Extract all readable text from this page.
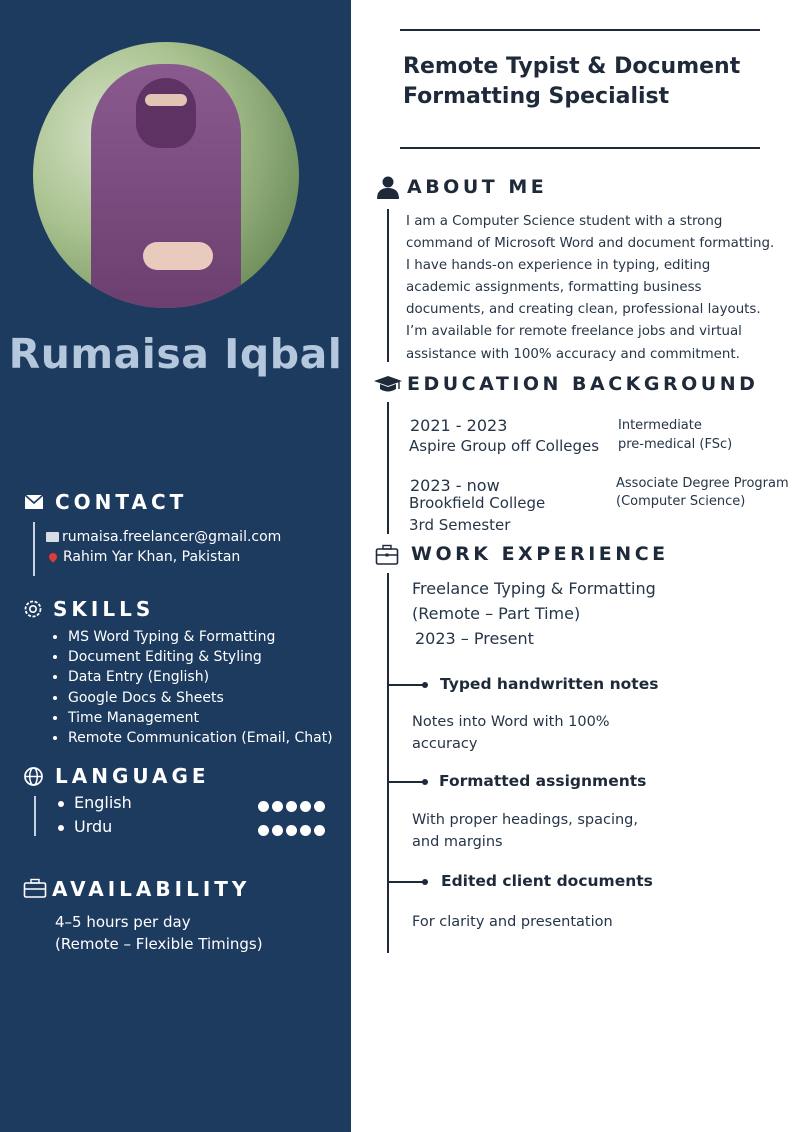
Rumaisa Iqbal
CONTACT
rumaisa.freelancer@gmail.com
Rahim Yar Khan, Pakistan
SKILLS
• MS Word Typing & Formatting
• Document Editing & Styling
• Data Entry (English)
• Google Docs & Sheets
• Time Management
• Remote Communication (Email, Chat)
LANGUAGE
English
Urdu
AVAILABILITY
4–5 hours per day
(Remote – Flexible Timings)
Remote Typist & Document Formatting Specialist
ABOUT ME
I am a Computer Science student with a strong command of Microsoft Word and document formatting. I have hands-on experience in typing, editing academic assignments, formatting business documents, and creating clean, professional layouts. I’m available for remote freelance jobs and virtual assistance with 100% accuracy and commitment.
EDUCATION BACKGROUND
2021 - 2023
Aspire Group off Colleges
Intermediate
pre-medical (FSc)
2023 - now
Brookfield College
3rd Semester
Associate Degree Program
(Computer Science)
WORK EXPERIENCE
Freelance Typing & Formatting
(Remote – Part Time)
2023 – Present
Typed handwritten notes
Notes into Word with 100%
accuracy
Formatted assignments
With proper headings, spacing,
and margins
Edited client documents
For clarity and presentation
